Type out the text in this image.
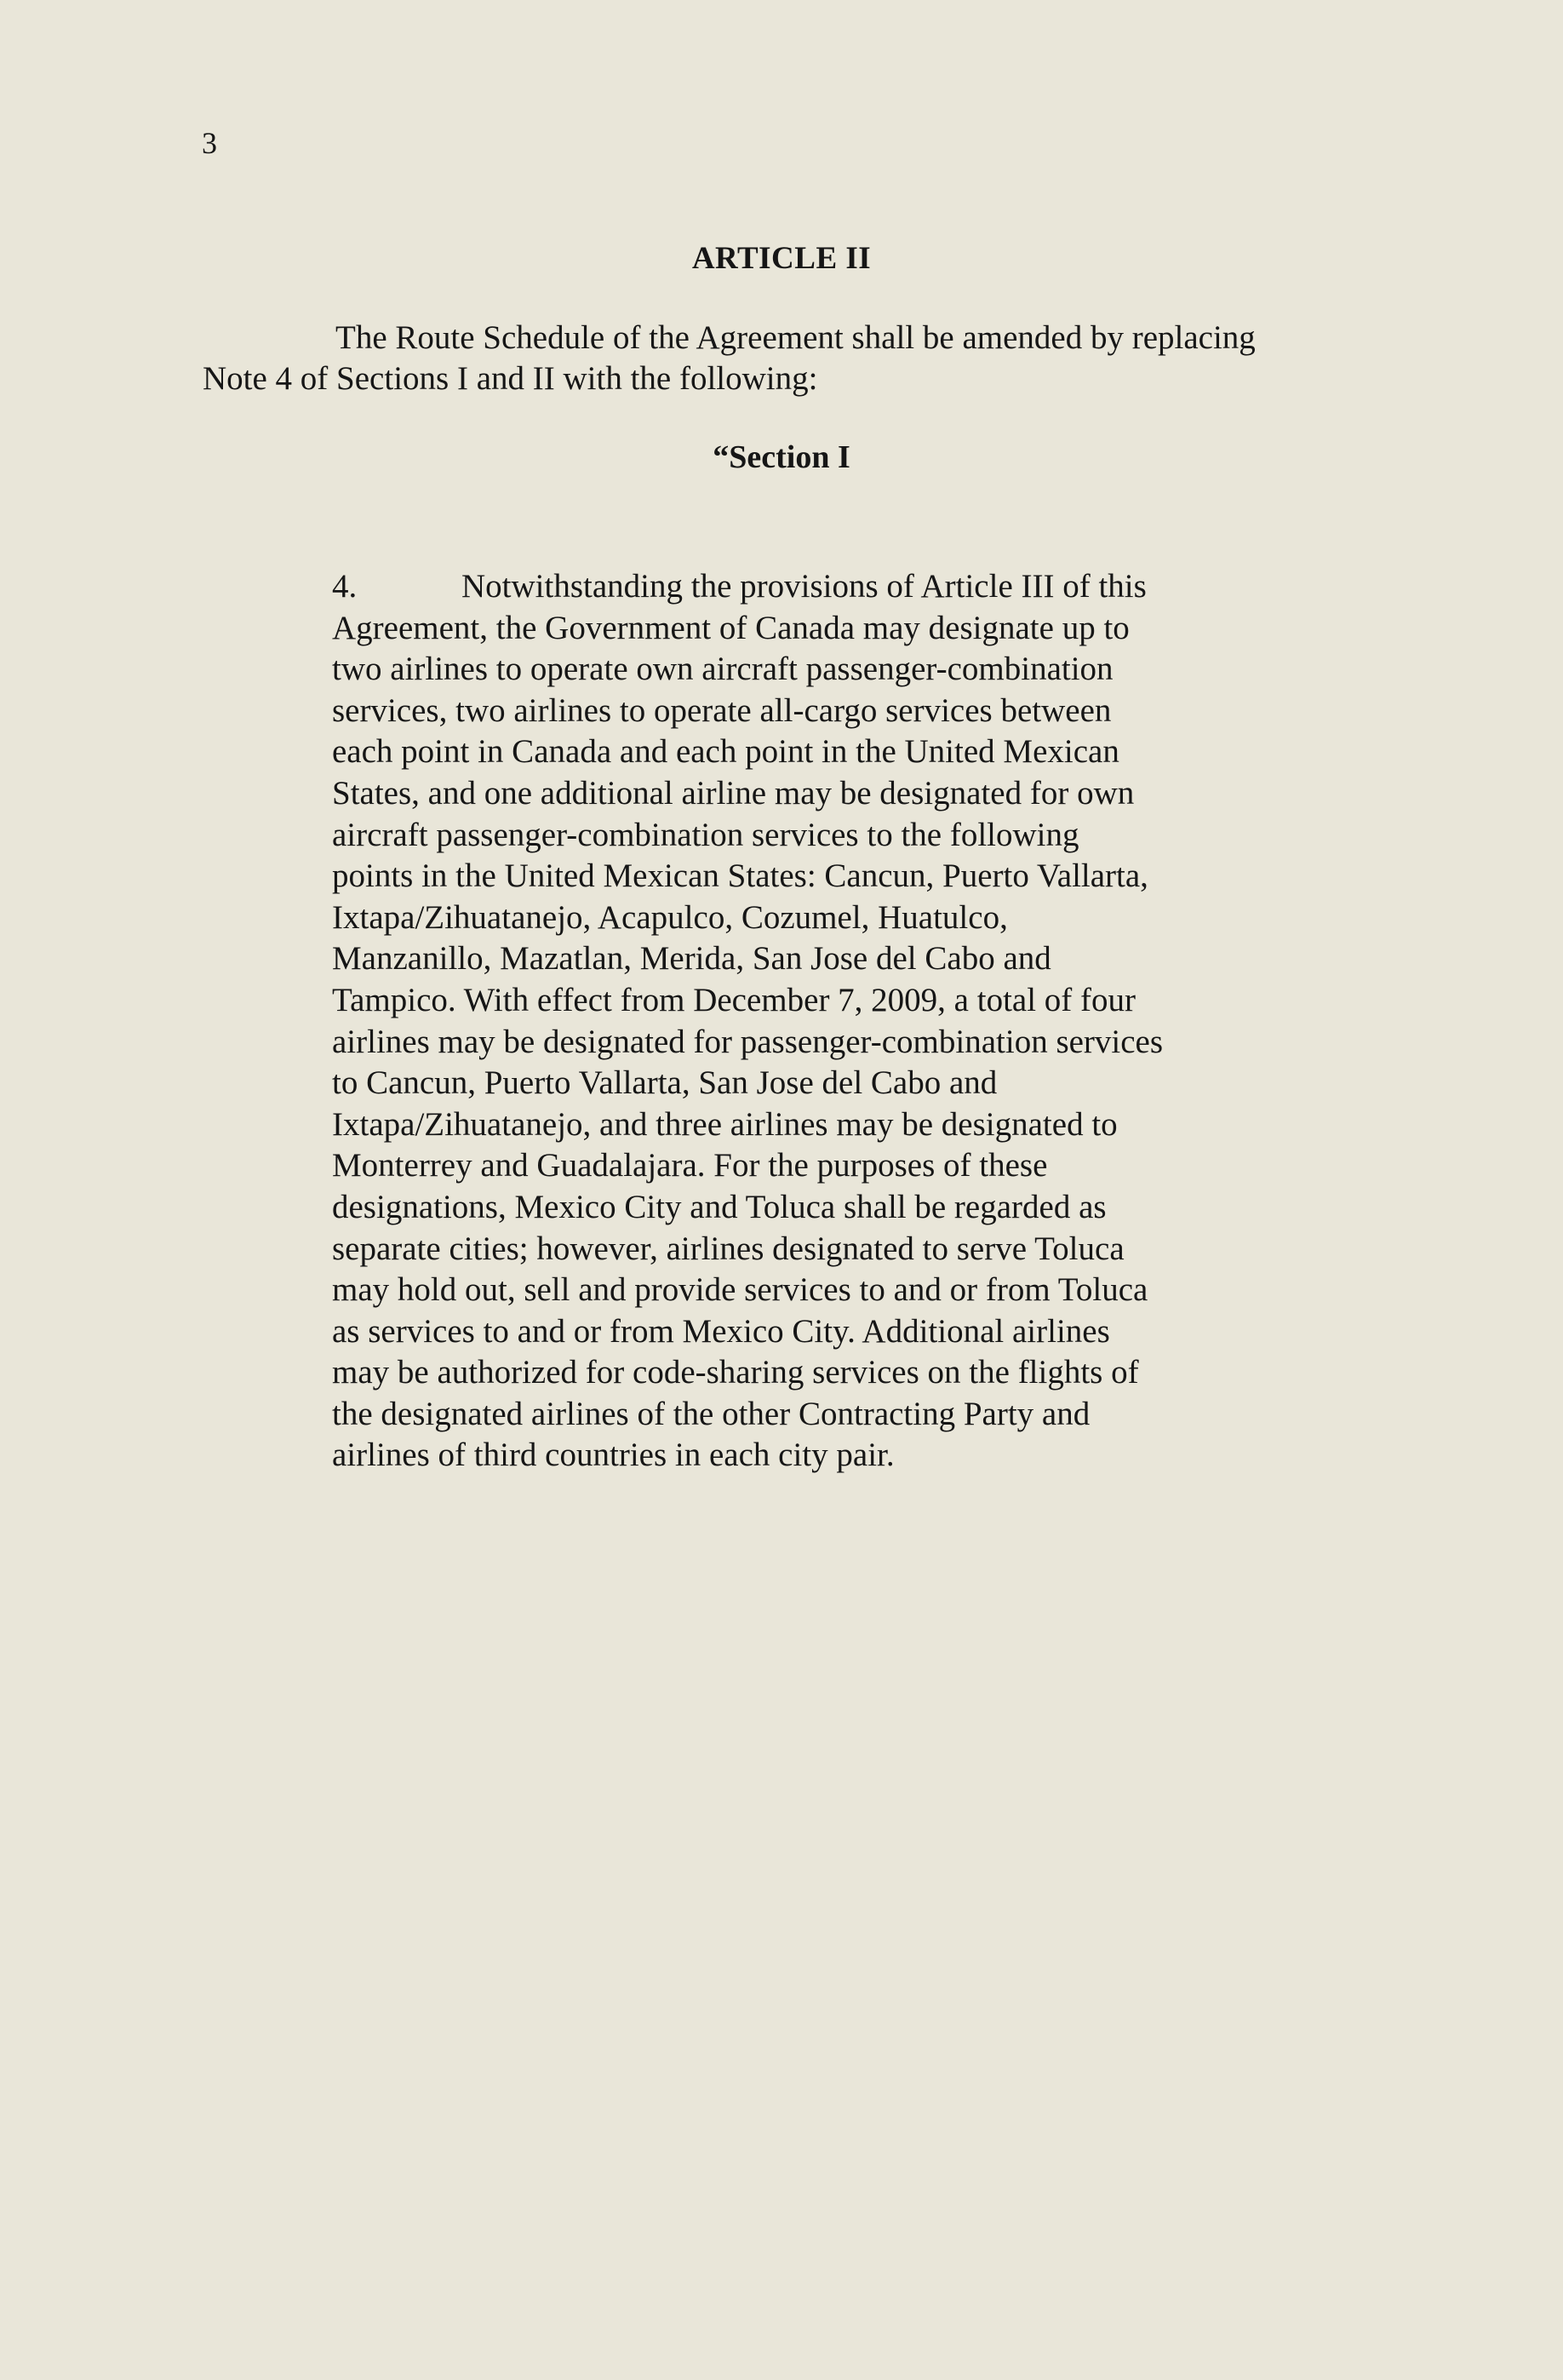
3
ARTICLE II
The Route Schedule of the Agreement shall be amended by replacing
Note 4 of Sections I and II with the following:
“Section I
4.	Notwithstanding the provisions of Article III of this
Agreement, the Government of Canada may designate up to
two airlines to operate own aircraft passenger-combination
services, two airlines to operate all-cargo services between
each point in Canada and each point in the United Mexican
States, and one additional airline may be designated for own
aircraft passenger-combination services to the following
points in the United Mexican States: Cancun, Puerto Vallarta,
Ixtapa/Zihuatanejo, Acapulco, Cozumel, Huatulco,
Manzanillo, Mazatlan, Merida, San Jose del Cabo and
Tampico. With effect from December 7, 2009, a total of four
airlines may be designated for passenger-combination services
to Cancun, Puerto Vallarta, San Jose del Cabo and
Ixtapa/Zihuatanejo, and three airlines may be designated to
Monterrey and Guadalajara. For the purposes of these
designations, Mexico City and Toluca shall be regarded as
separate cities; however, airlines designated to serve Toluca
may hold out, sell and provide services to and or from Toluca
as services to and or from Mexico City. Additional airlines
may be authorized for code-sharing services on the flights of
the designated airlines of the other Contracting Party and
airlines of third countries in each city pair.
